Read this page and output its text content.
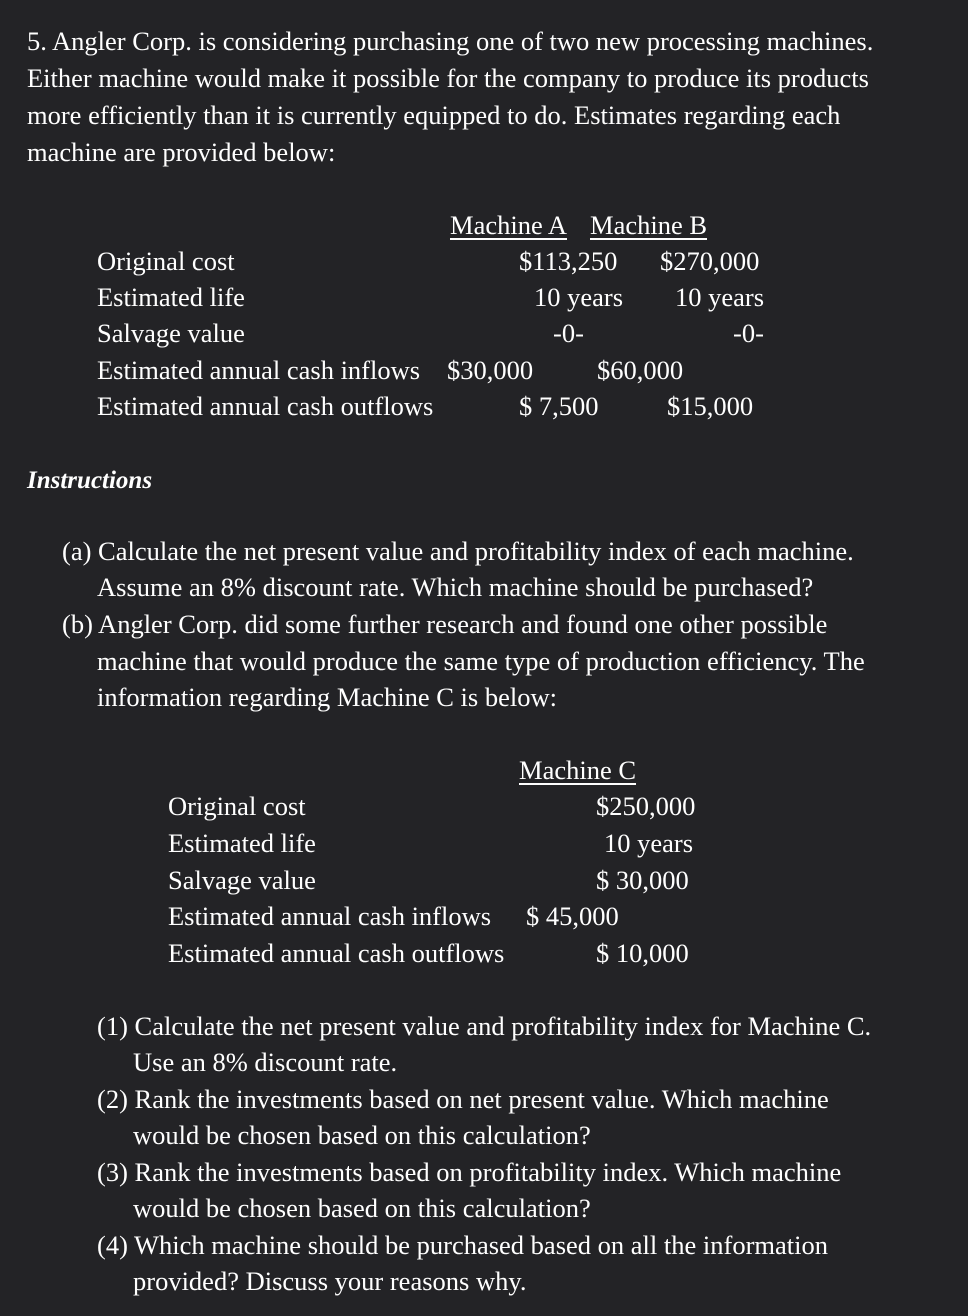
5. Angler Corp. is considering purchasing one of two new processing machines.
Either machine would make it possible for the company to produce its products
more efficiently than it is currently equipped to do. Estimates regarding each
machine are provided below:
Machine A Machine B
Original cost	$113,250 $270,000
Estimated life	10 years 10 years
Salvage value	-0-	-0-
Estimated annual cash inflows $30,000 $60,000
Estimated annual cash outflows	$ 7,500	$15,000
Instructions
(a) Calculate the net present value and profitability index of each machine.
Assume an 8% discount rate. Which machine should be purchased?
(b) Angler Corp. did some further research and found one other possible
machine that would produce the same type of production efficiency. The
information regarding Machine C is below:
Machine C
Original cost	$250,000
Estimated life	10 years
Salvage value	$ 30,000
Estimated annual cash inflows $ 45,000
Estimated annual cash outflows	$ 10,000
(1) Calculate the net present value and profitability index for Machine C.
Use an 8% discount rate.
(2) Rank the investments based on net present value. Which machine
would be chosen based on this calculation?
(3) Rank the investments based on profitability index. Which machine
would be chosen based on this calculation?
(4) Which machine should be purchased based on all the information
provided? Discuss your reasons why.
